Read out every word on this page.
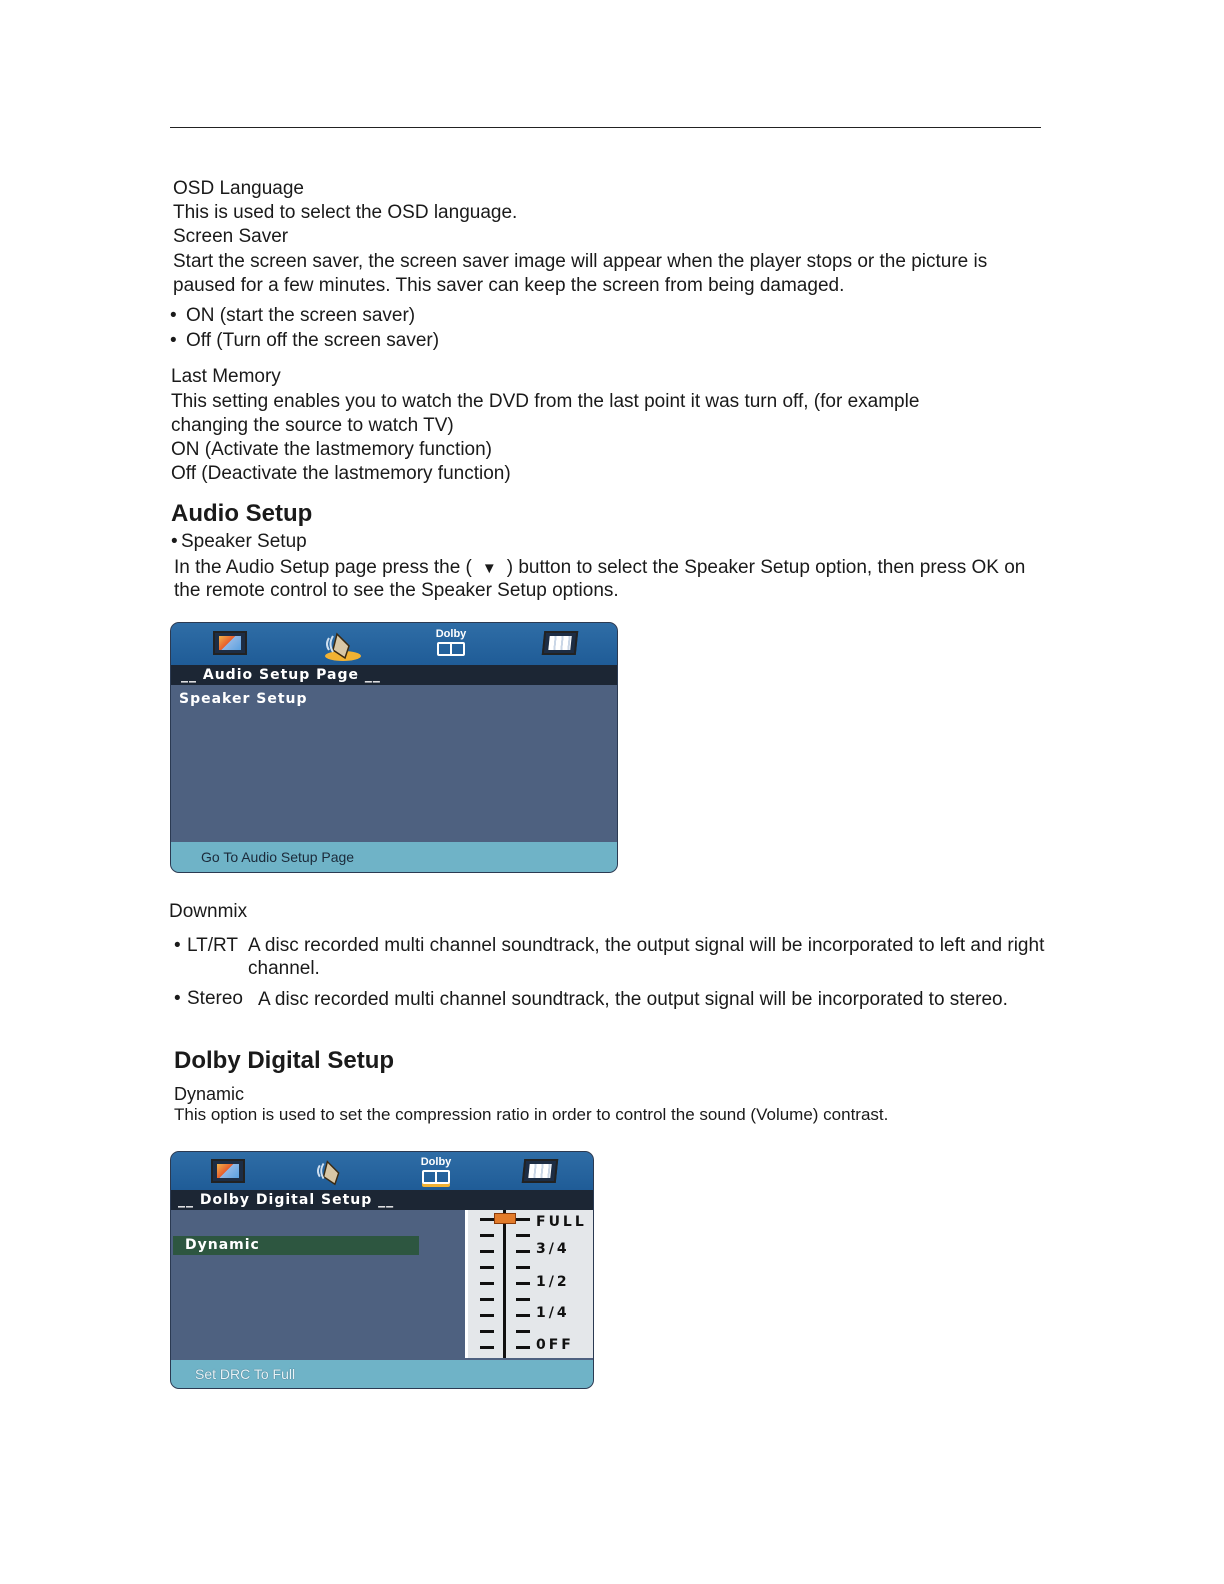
OSD Language
This is used to select the OSD language.
Screen Saver
Start the screen saver, the screen saver image will appear when the player stops or the picture is
paused for a few minutes. This saver can keep the screen from being damaged.
• ON (start the screen saver)
• Off (Turn off the screen saver)
Last Memory
This setting enables you to watch the DVD from the last point it was turn off, (for example
changing the source to watch TV)
ON (Activate the lastmemory function)
Off (Deactivate the lastmemory function)
Audio Setup
• Speaker Setup
In the Audio Setup page press the ( ▼ ) button to select the Speaker Setup option, then press OK on
the remote control to see the Speaker Setup options.
Dolby
__ Audio Setup Page __
Speaker Setup
Go To Audio Setup Page
Downmix
• LT/RT A disc recorded multi channel soundtrack, the output signal will be incorporated to left and right
channel.
• Stereo A disc recorded multi channel soundtrack, the output signal will be incorporated to stereo.
Dolby Digital Setup
Dynamic
This option is used to set the compression ratio in order to control the sound (Volume) contrast.
Dolby
__ Dolby Digital Setup __
Dynamic
FULL
3/4
1/2
1/4
0FF
Set DRC To Full
